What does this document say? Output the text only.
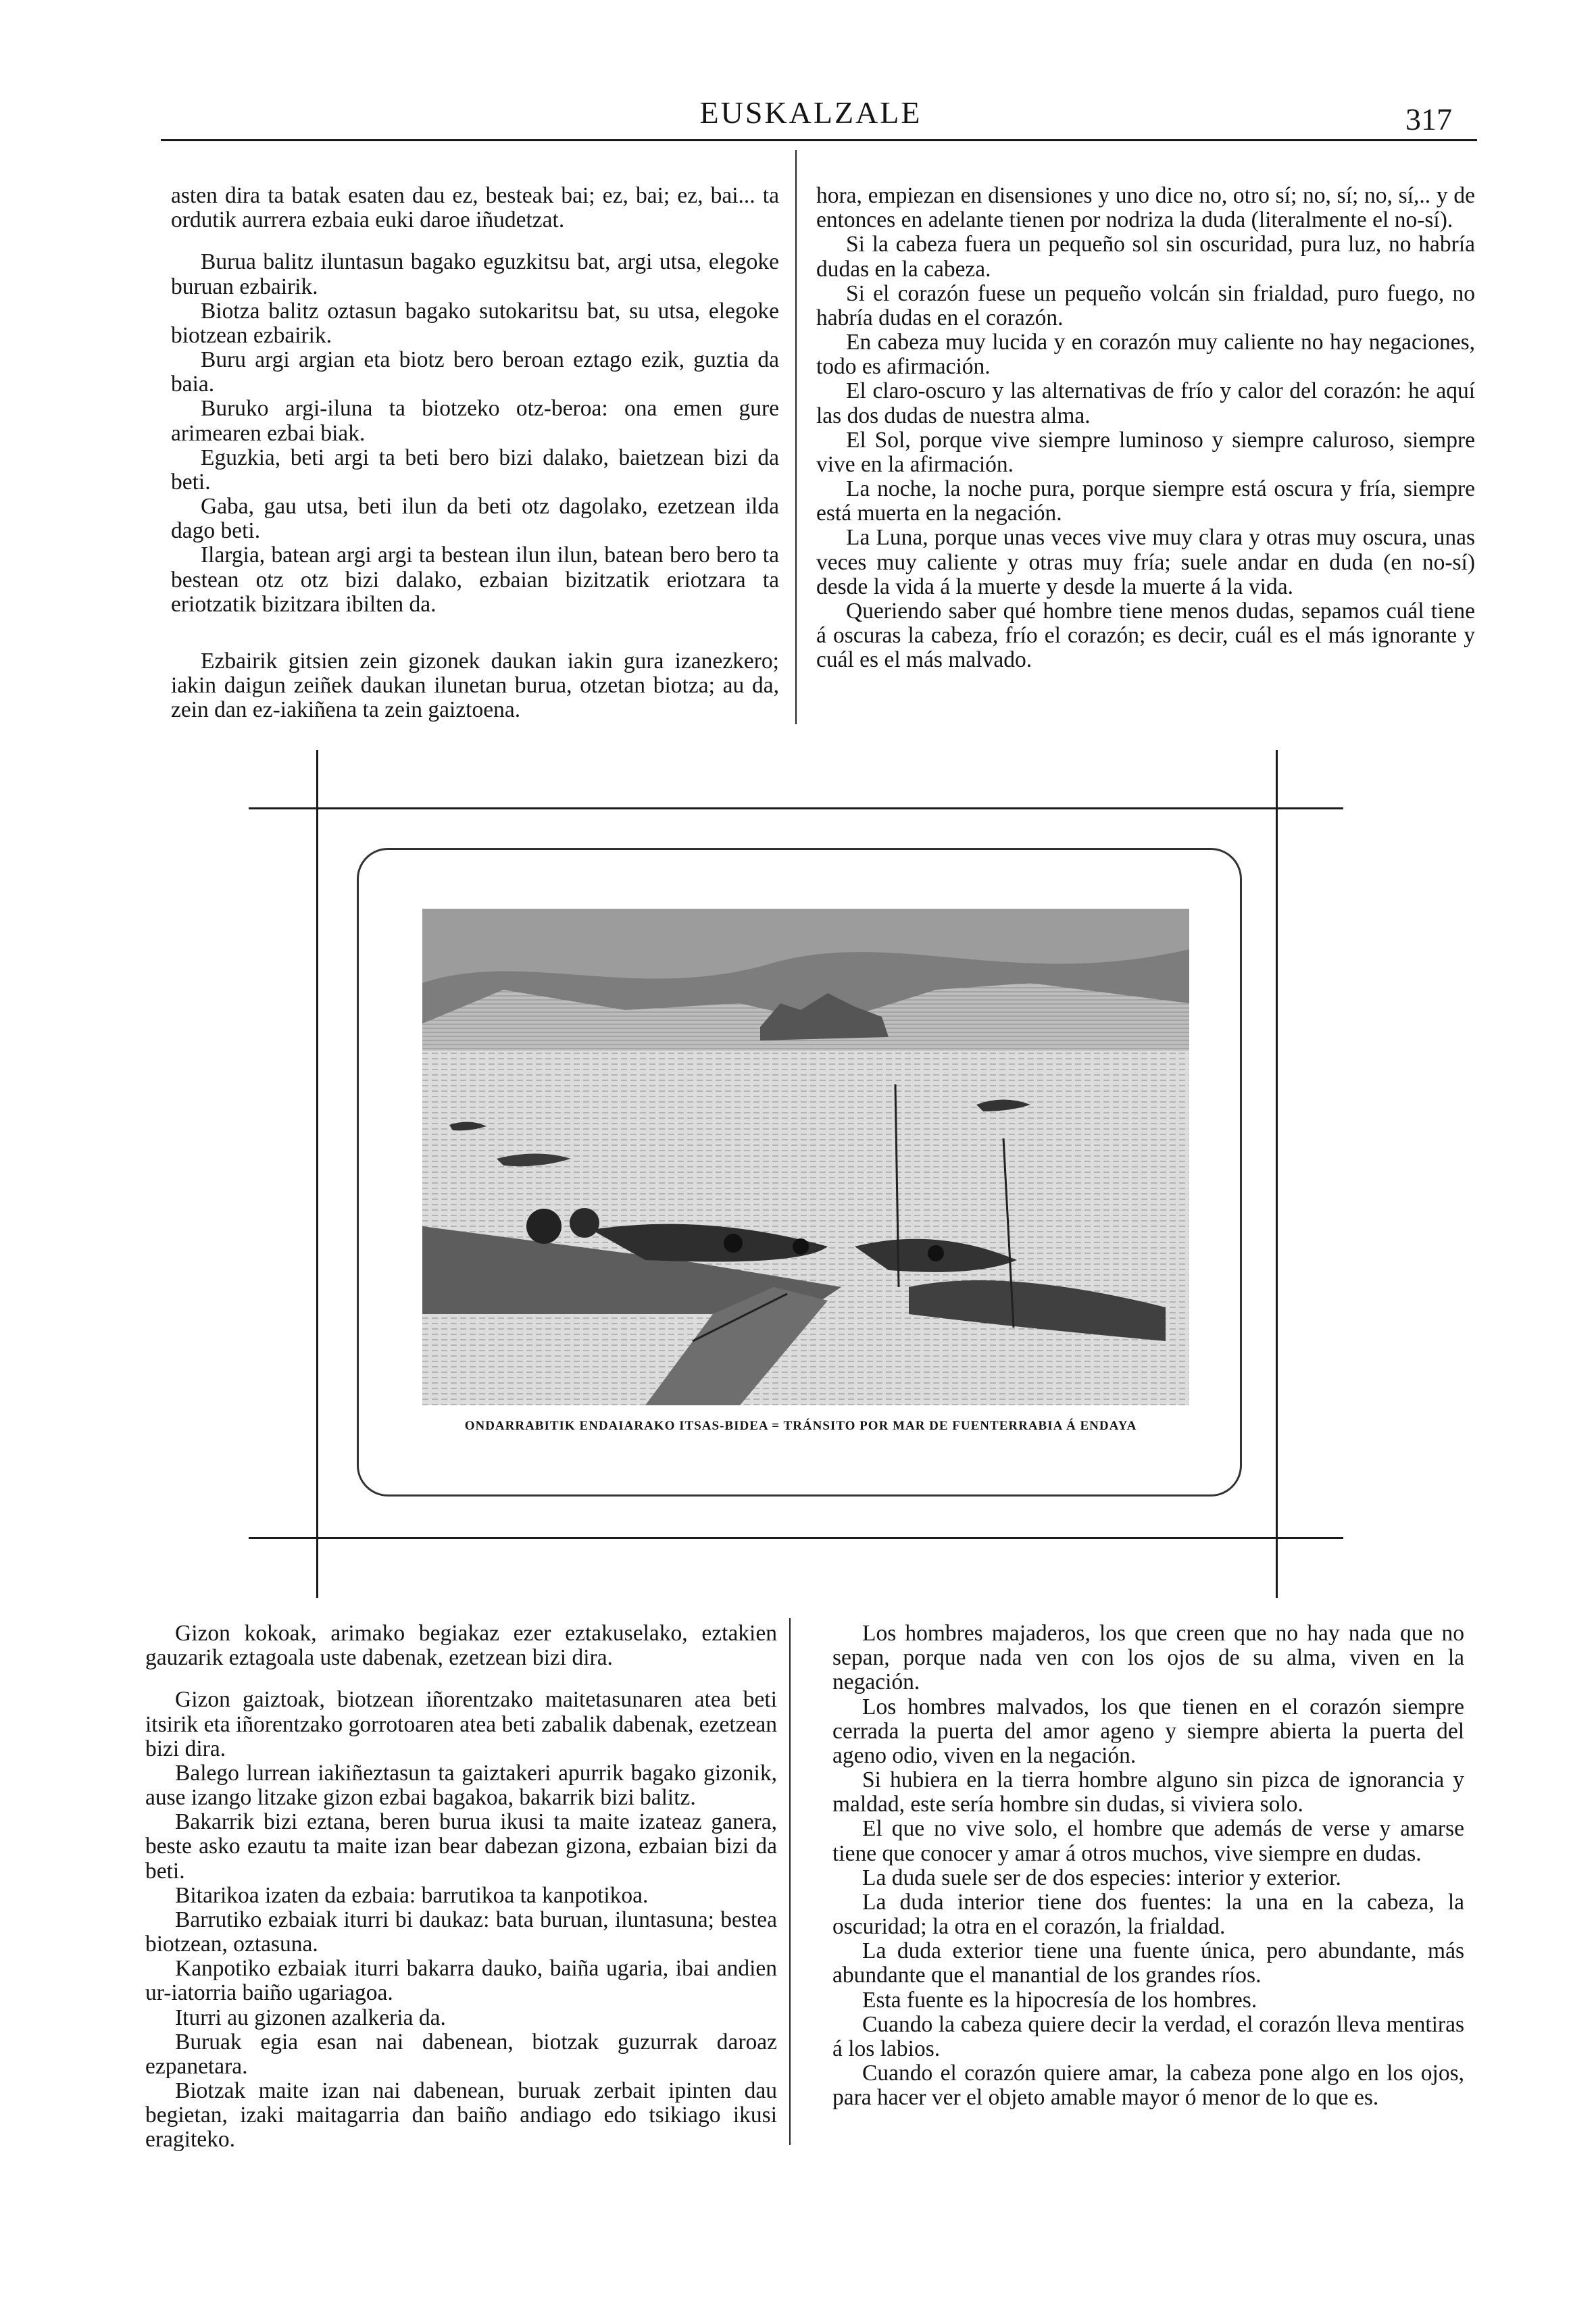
EUSKALZALE	317

asten dira ta batak esaten dau ez, besteak bai; ez, bai; ez, bai... ta ordutik aurrera ezbaia euki daroe iñudetzat.

Burua balitz iluntasun bagako eguzkitsu bat, argi utsa, elegoke buruan ezbairik.

Biotza balitz oztasun bagako sutokaritsu bat, su utsa, elegoke biotzean ezbairik.

Buru argi argian eta biotz bero beroan eztago ezik, guztia da baia.

Buruko argi-iluna ta biotzeko otz-beroa: ona emen gure arimearen ezbai biak.

Eguzkia, beti argi ta beti bero bizi dalako, baietzean bizi da beti.

Gaba, gau utsa, beti ilun da beti otz dagolako, ezetzean ilda dago beti.

Ilargia, batean argi argi ta bestean ilun ilun, batean bero bero ta bestean otz otz bizi dalako, ezbaian bizitzatik eriotzara ta eriotzatik bizitzara ibilten da.

Ezbairik gitsien zein gizonek daukan iakin gura izanezkero; iakin daigun zeiñek daukan ilunetan burua, otzetan biotza; au da, zein dan ez-iakiñena ta zein gaiztoena.

hora, empiezan en disensiones y uno dice no, otro sí; no, sí; no, sí,.. y de entonces en adelante tienen por nodriza la duda (literalmente el no-sí).

Si la cabeza fuera un pequeño sol sin oscuridad, pura luz, no habría dudas en la cabeza.

Si el corazón fuese un pequeño volcán sin frialdad, puro fuego, no habría dudas en el corazón.

En cabeza muy lucida y en corazón muy caliente no hay negaciones, todo es afirmación.

El claro-oscuro y las alternativas de frío y calor del corazón: he aquí las dos dudas de nuestra alma.

El Sol, porque vive siempre luminoso y siempre caluroso, siempre vive en la afirmación.

La noche, la noche pura, porque siempre está oscura y fría, siempre está muerta en la negación.

La Luna, porque unas veces vive muy clara y otras muy oscura, unas veces muy caliente y otras muy fría; suele andar en duda (en no-sí) desde la vida á la muerte y desde la muerte á la vida.

Queriendo saber qué hombre tiene menos dudas, sepamos cuál tiene á oscuras la cabeza, frío el corazón; es decir, cuál es el más ignorante y cuál es el más malvado.

ONDARRABITIK ENDAIARAKO ITSAS-BIDEA = TRÁNSITO POR MAR DE FUENTERRABIA Á ENDAYA

Gizon kokoak, arimako begiakaz ezer eztakuselako, eztakien gauzarik eztagoala uste dabenak, ezetzean bizi dira.

Gizon gaiztoak, biotzean iñorentzako maitetasunaren atea beti itsirik eta iñorentzako gorrotoaren atea beti zabalik dabenak, ezetzean bizi dira.

Balego lurrean iakiñeztasun ta gaiztakeri apurrik bagako gizonik, ause izango litzake gizon ezbai bagakoa, bakarrik bizi balitz.

Bakarrik bizi eztana, beren burua ikusi ta maite izateaz ganera, beste asko ezautu ta maite izan bear dabezan gizona, ezbaian bizi da beti.

Bitarikoa izaten da ezbaia: barrutikoa ta kanpotikoa.

Barrutiko ezbaiak iturri bi daukaz: bata buruan, iluntasuna; bestea biotzean, oztasuna.

Kanpotiko ezbaiak iturri bakarra dauko, baiña ugaria, ibai andien ur-iatorria baiño ugariagoa.

Iturri au gizonen azalkeria da.

Buruak egia esan nai dabenean, biotzak guzurrak daroaz ezpanetara.

Biotzak maite izan nai dabenean, buruak zerbait ipinten dau begietan, izaki maitagarria dan baiño andiago edo tsikiago ikusi eragiteko.

Los hombres majaderos, los que creen que no hay nada que no sepan, porque nada ven con los ojos de su alma, viven en la negación.

Los hombres malvados, los que tienen en el corazón siempre cerrada la puerta del amor ageno y siempre abierta la puerta del ageno odio, viven en la negación.

Si hubiera en la tierra hombre alguno sin pizca de ignorancia y maldad, este sería hombre sin dudas, si viviera solo.

El que no vive solo, el hombre que además de verse y amarse tiene que conocer y amar á otros muchos, vive siempre en dudas.

La duda suele ser de dos especies: interior y exterior.

La duda interior tiene dos fuentes: la una en la cabeza, la oscuridad; la otra en el corazón, la frialdad.

La duda exterior tiene una fuente única, pero abundante, más abundante que el manantial de los grandes ríos.

Esta fuente es la hipocresía de los hombres.

Cuando la cabeza quiere decir la verdad, el corazón lleva mentiras á los labios.

Cuando el corazón quiere amar, la cabeza pone algo en los ojos, para hacer ver el objeto amable mayor ó menor de lo que es.
